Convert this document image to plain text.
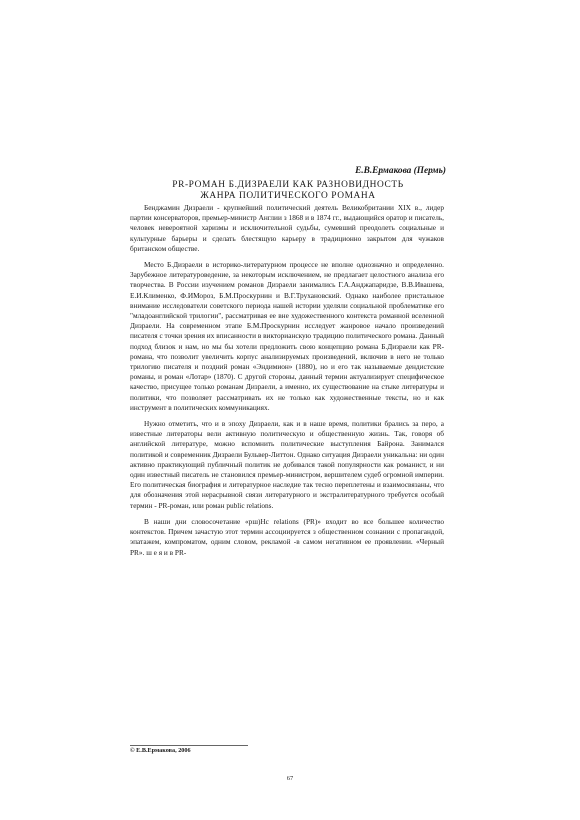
Е.В.Ермакова (Пермь)
PR-РОМАН Б.ДИЗРАЕЛИ КАК РАЗНОВИДНОСТЬ
ЖАНРА ПОЛИТИЧЕСКОГО РОМАНА

Бенджамин Дизраели - крупнейший политический деятель Великобритании XIX в., лидер партии консерваторов, премьер-министр Англии з 1868 и в 1874 гг., выдающийся оратор и писатель, человек невероятной харизмы и исключительной судьбы, сумевший преодолеть социальные и культурные барьеры и сделать блестящую карьеру в традиционно закрытом для чужаков британском обществе.

Место Б.Дизраели в историко-литературном процессе не вполне однозначно и определенно. Зарубежное литературоведение, за некоторым исключением, не предлагает целостного анализа его творчества. В России изучением романов Дизраели занимались Г.А.Анджапаридзе, В.В.Ивашева, Е.И.Клименко, Ф.ИМороз, Б.М.Проскурнин и В.Г.Трухановский. Однако наиболее пристальное внимание исследователи советского периода нашей истории уделяли социальной проблематике его "младоанглийской трилогии", рассматривая ее вне художественного контекста романной вселенной Дизраели. На современном этапе Б.М.Проскурнин исследует жанровое начало произведений писателя с точки зрения их вписанности в викторианскую традицию политического романа. Данный подход близок и нам, но мы бы хотели предложить свою концепцию романа Б.Дизраели как PR-романа, что позволит увеличить корпус анализируемых произведений, включив в него не только трилогию писателя и поздний роман «Эндимион» (1880), но и его так называемые дендистские романы, и роман «Лотар» (1870). С другой стороны, данный термин актуализирует специфическое качество, присущее только романам Дизраели, а именно, их существование на стыке литературы и политики, что позволяет рассматривать их не только как художественные тексты, но и как инструмент в политических коммуникациях.

Нужно отметить, что и в эпоху Дизраели, как и в наше время, политики брались за перо, а известные литераторы вели активную политическую и общественную жизнь. Так, говоря об английской литературе, можно вспомнить политические выступления Байрона. Занимался политикой и современник Дизраели Бульвер-Литтон. Однако ситуация Дизраели уникальна: ни один активно практикующий публичный политик не добивался такой популярности как романист, и ни один известный писатель не становился премьер-министром, вершителем судеб огромной империи. Его политическая биография и литературное наследие так тесно переплетены и взаимосвязаны, что для обозначения этой нерасрывной связи литературного и экстралитературного требуется особый термин - PR-роман, или роман public relations.

В наши дни словосочетание «рш)Нс relations (PR)» входит во все большее количество контекстов. Причем зачастую этот термин ассоциируется з общественном сознании с пропагандой, эпатажем, компроматом, одним словом, рекламой -в самом негативном ее проявлении. «Черный PR». ш е я и в PR-

© Е.В.Ермакова, 2006
67
